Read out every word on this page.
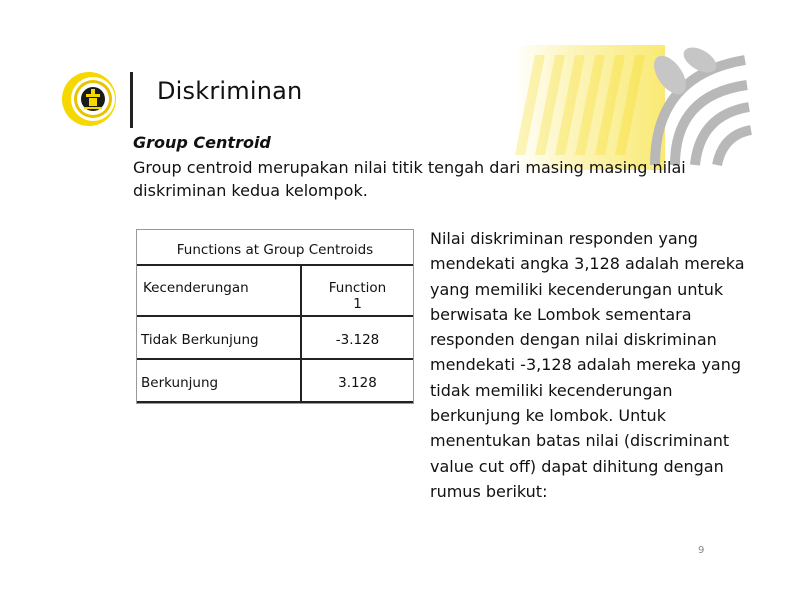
Diskriminan
Group Centroid
Group centroid merupakan nilai titik tengah dari masing masing nilai diskriminan kedua kelompok.
Functions at Group Centroids
Kecenderungan	Function
1
Tidak Berkunjung	-3.128
Berkunjung	3.128
Nilai diskriminan responden yang mendekati angka 3,128 adalah mereka yang memiliki kecenderungan untuk berwisata ke Lombok sementara responden dengan nilai diskriminan mendekati -3,128 adalah mereka yang tidak memiliki kecenderungan berkunjung ke lombok. Untuk menentukan batas nilai (discriminant value cut off) dapat dihitung dengan rumus berikut:
9
